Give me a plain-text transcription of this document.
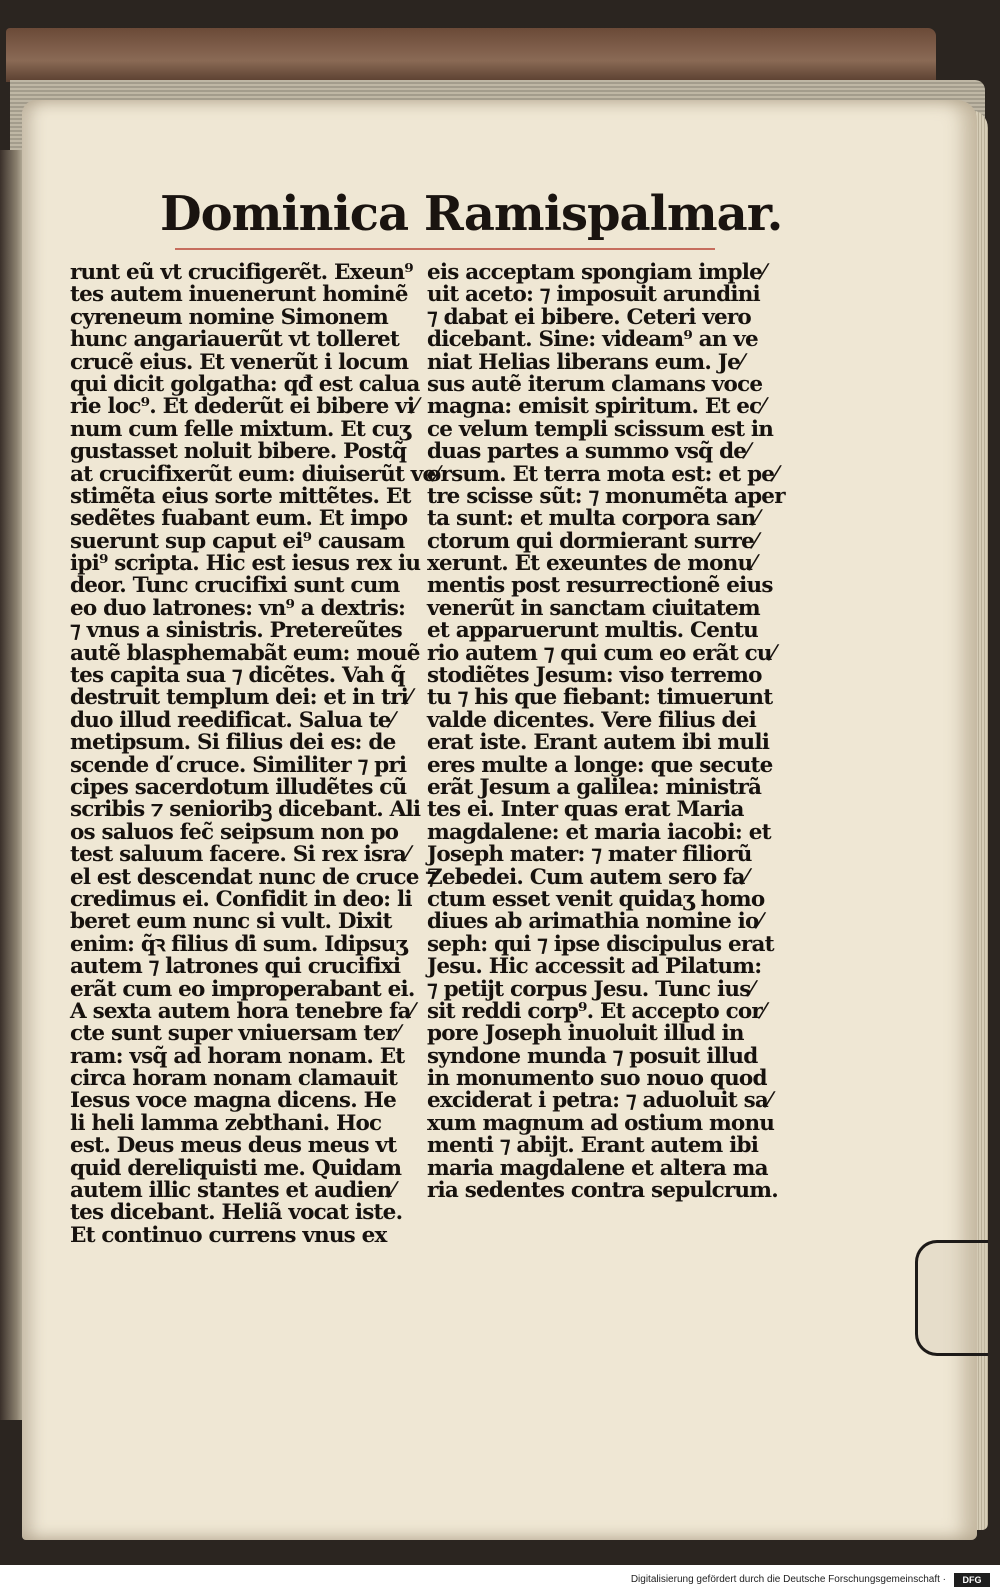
Dominica Ramispalmar.
runt eũ vt crucifigerẽt. Exeun⁹
tes autem inuenerunt hominẽ
cyreneum nomine Simonem
hunc angariauerũt vt tolleret
crucẽ eius. Et venerũt i locum
qui dicit golgatha: qđ est calua
rie loc⁹. Et dederũt ei bibere vi⁄
num cum felle mixtum. Et cuʒ
gustasset noluit bibere. Postq̃
at crucifixerũt eum: diuiserũt ve⁄
stimẽta eius sorte mittẽtes. Et
sedẽtes fuabant eum. Et impo
suerunt sup caput ei⁹ causam
ipi⁹ scripta. Hic est iesus rex iu
deor. Tunc crucifixi sunt cum
eo duo latrones: vn⁹ a dextris:
⁊ vnus a sinistris. Pretereũtes
autẽ blasphemabãt eum: mouẽ
tes capita sua ⁊ dicẽtes. Vah q̃
destruit templum dei: et in tri⁄
duo illud reedificat. Salua te⁄
metipsum. Si filius dei es: de
scende ď cruce. Similiter ⁊ pri
cipes sacerdotum illudẽtes cũ
scribis ⁊ senioribꝫ dicebant. Ali
os saluos fec̃ seipsum non po
test saluum facere. Si rex isra⁄
el est descendat nunc de cruce ⁊
credimus ei. Confidit in deo: li
beret eum nunc si vult. Dixit
enim: q̃ꝛ filius ďi sum. Idipsuʒ
autem ⁊ latrones qui crucifixi
erãt cum eo improperabant ei.
A sexta autem hora tenebre fa⁄
cte sunt super vniuersam ter⁄
ram: vsq̃ ad horam nonam. Et
circa horam nonam clamauit
Iesus voce magna dicens. He
li heli lamma zebthani. Hoc
est. Deus meus deus meus vt
quid dereliquisti me. Quidam
autem illic stantes et audien⁄
tes dicebant. Heliã vocat iste.
Et continuo currens vnus ex
eis acceptam spongiam imple⁄
uit aceto: ⁊ imposuit arundini
⁊ dabat ei bibere. Ceteri vero
dicebant. Sine: videam⁹ an ve
niat Helias liberans eum. Je⁄
sus autẽ iterum clamans voce
magna: emisit spiritum. Et ec⁄
ce velum templi scissum est in
duas partes a summo vsq̃ de⁄
orsum. Et terra mota est: et pe⁄
tre scisse sũt: ⁊ monumẽta aper
ta sunt: et multa corpora san⁄
ctorum qui dormierant surre⁄
xerunt. Et exeuntes de monu⁄
mentis post resurrectionẽ eius
venerũt in sanctam ciuitatem
et apparuerunt multis. Centu
rio autem ⁊ qui cum eo erãt cu⁄
stodiẽtes Jesum: viso terremo
tu ⁊ his que fiebant: timuerunt
valde dicentes. Vere filius dei
erat iste. Erant autem ibi muli
eres multe a longe: que secute
erãt Jesum a galilea: ministrã
tes ei. Inter quas erat Maria
magdalene: et maria iacobi: et
Joseph mater: ⁊ mater filiorũ
Zebedei. Cum autem sero fa⁄
ctum esset venit quidaʒ homo
diues ab arimathia nomine io⁄
seph: qui ⁊ ipse discipulus erat
Jesu. Hic accessit ad Pilatum:
⁊ petijt corpus Jesu. Tunc ius⁄
sit reddi corp⁹. Et accepto cor⁄
pore Joseph inuoluit illud in
syndone munda ⁊ posuit illud
in monumento suo nouo quod
exciderat i petra: ⁊ aduoluit sa⁄
xum magnum ad ostium monu
menti ⁊ abijt. Erant autem ibi
maria magdalene et altera ma
ria sedentes contra sepulcrum.
Digitalisierung gefördert durch die Deutsche Forschungsgemeinschaft ·	DFG
